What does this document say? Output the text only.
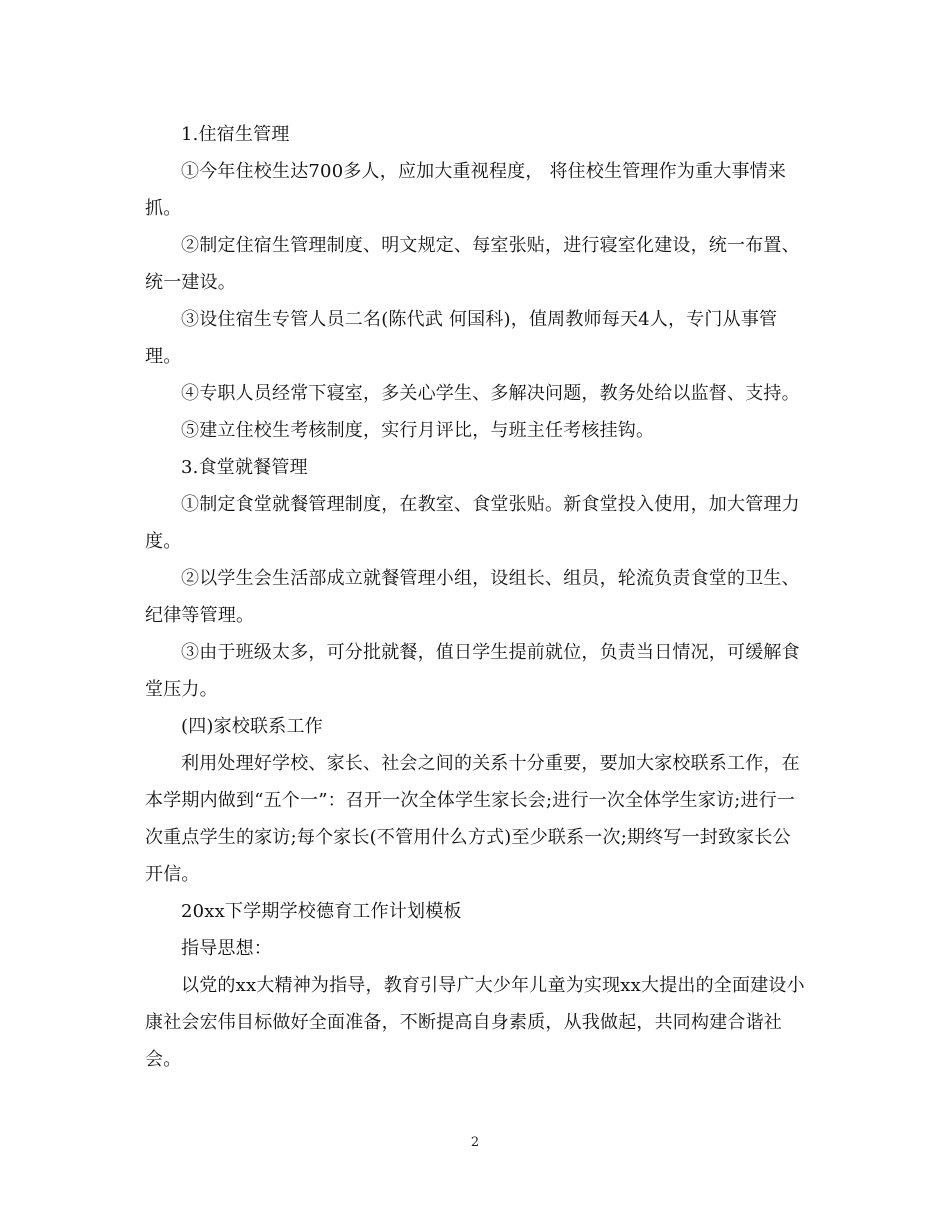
1.住宿生管理

①今年住校生达700多人，应加大重视程度， 将住校生管理作为重大事情来抓。

②制定住宿生管理制度、明文规定、每室张贴，进行寝室化建设，统一布置、统一建设。

③设住宿生专管人员二名(陈代武 何国科)，值周教师每天4人，专门从事管理。

④专职人员经常下寝室，多关心学生、多解决问题，教务处给以监督、支持。

⑤建立住校生考核制度，实行月评比，与班主任考核挂钩。

3.食堂就餐管理

①制定食堂就餐管理制度，在教室、食堂张贴。新食堂投入使用，加大管理力度。

②以学生会生活部成立就餐管理小组，设组长、组员，轮流负责食堂的卫生、纪律等管理。

③由于班级太多，可分批就餐，值日学生提前就位，负责当日情况，可缓解食堂压力。

(四)家校联系工作

利用处理好学校、家长、社会之间的关系十分重要，要加大家校联系工作，在本学期内做到“五个一”：召开一次全体学生家长会;进行一次全体学生家访;进行一次重点学生的家访;每个家长(不管用什么方式)至少联系一次;期终写一封致家长公开信。

20xx下学期学校德育工作计划模板

指导思想：

以党的xx大精神为指导，教育引导广大少年儿童为实现xx大提出的全面建设小康社会宏伟目标做好全面准备，不断提高自身素质，从我做起，共同构建合谐社会。

2
